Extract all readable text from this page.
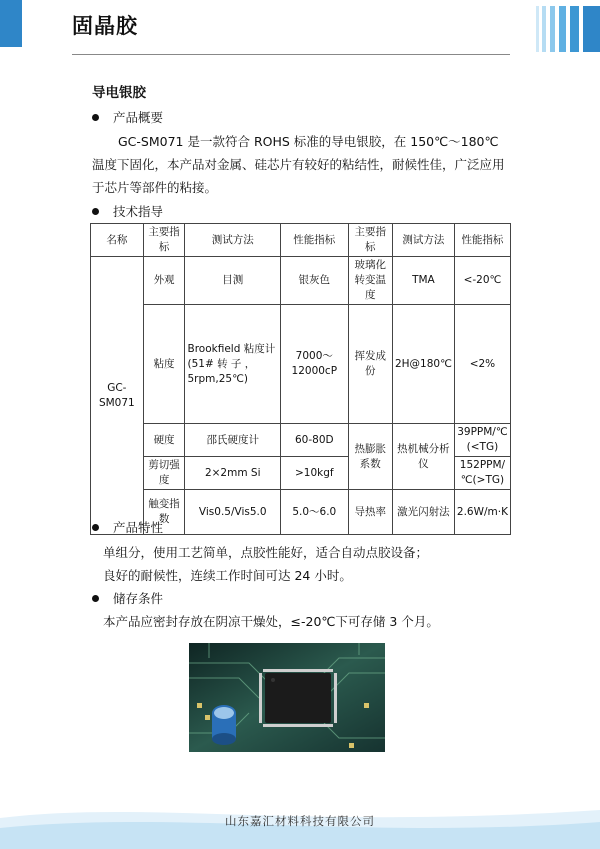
固晶胶
导电银胶
产品概要
GC-SM071 是一款符合 ROHS 标准的导电银胶，在 150℃～180℃温度下固化，本产品对金属、硅芯片有较好的粘结性，耐候性佳，广泛应用于芯片等部件的粘接。
技术指导
名称	主要指标	测试方法	性能指标	主要指标	测试方法	性能指标
GC-SM071	外观	目测	银灰色	玻璃化转变温度	TMA	<-20℃
	粘度	Brookfield 粘度计 (51# 转 子 ， 5rpm,25℃)	7000～12000cP	挥发成份	2H@180℃	<2%
	硬度	邵氏硬度计	60-80D	热膨胀系数	热机械分析仪	39PPM/℃(<TG)
	剪切强度	2×2mm Si	>10kgf			152PPM/℃(>TG)
	触变指数	Vis0.5/Vis5.0	5.0～6.0	导热率	激光闪射法	2.6W/m·K
产品特性
单组分，使用工艺简单，点胶性能好，适合自动点胶设备；
良好的耐候性，连续工作时间可达 24 小时。
储存条件
本产品应密封存放在阴凉干燥处，≤-20℃下可存储 3 个月。
山东嘉汇材料科技有限公司
